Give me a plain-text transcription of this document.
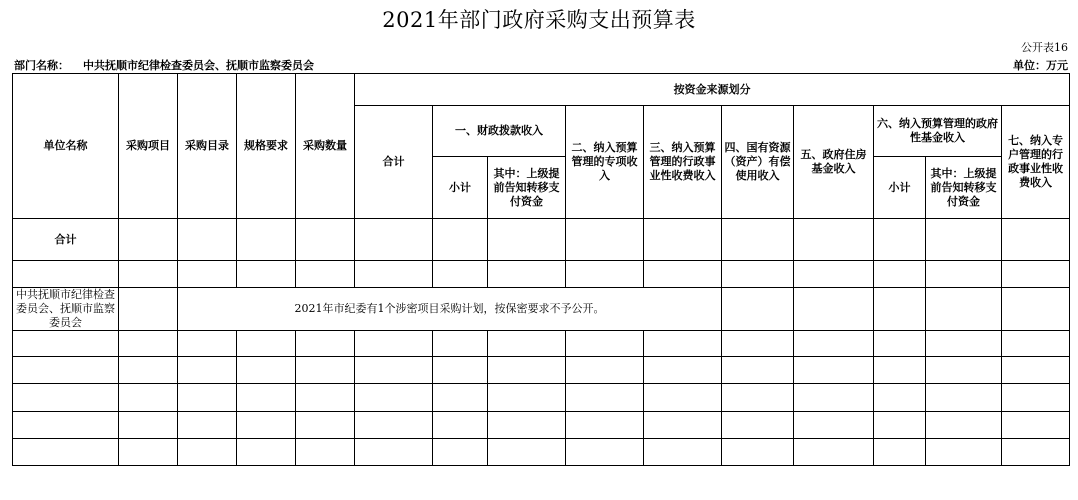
2021年部门政府采购支出预算表
公开表16
部门名称： 中共抚顺市纪律检查委员会、抚顺市监察委员会	单位：万元
单位名称	采购项目	采购目录	规格要求	采购数量	按资金来源划分									
					合计	一、财政拨款收入		二、纳入预算管理的专项收入	三、纳入预算管理的行政事业性收费收入	四、国有资源（资产）有偿使用收入	五、政府住房基金收入	六、纳入预算管理的政府性基金收入		七、纳入专户管理的行政事业性收费收入
						小计	其中：上级提前告知转移支付资金					小计	其中：上级提前告知转移支付资金	
合计														

中共抚顺市纪律检查委员会、抚顺市监察委员会		2021年市纪委有1个涉密项目采购计划，按保密要求不予公开。												
